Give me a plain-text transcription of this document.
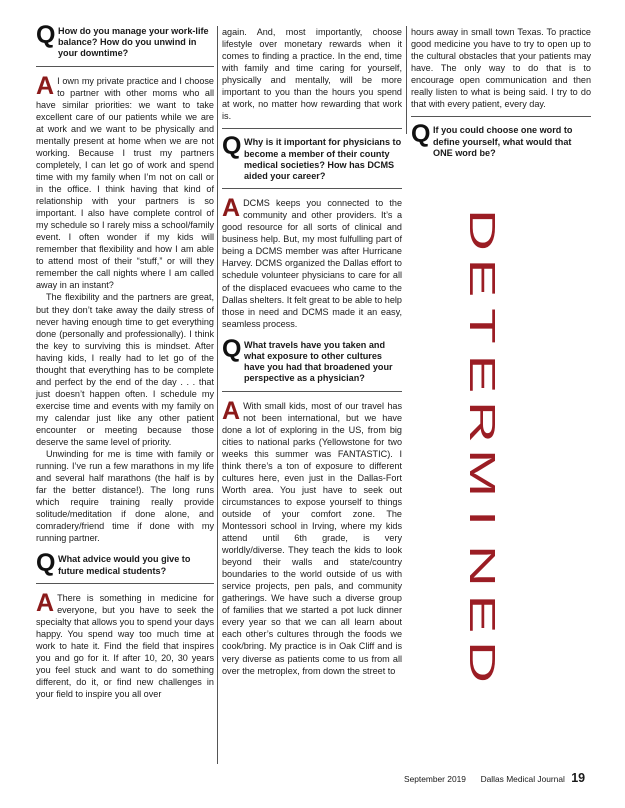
Q How do you manage your work-life balance? How do you unwind in your downtime?
A I own my private practice and I choose to partner with other moms who all have similar priorities: we want to take excellent care of our patients while we are at work and we want to be physically and mentally present at home when we are not working. Because I trust my partners completely, I can let go of work and spend time with my family when I’m not on call or in the office. I think having that kind of relationship with your partners is so important. I also have complete control of my schedule so I rarely miss a school/family event. I often wonder if my kids will remember that flexibility and how I am able to attend most of their “stuff,” or will they remember the call nights where I am called away in an instant?

The flexibility and the partners are great, but they don’t take away the daily stress of never having enough time to get everything done (personally and professionally). I think the key to surviving this is mindset. After having kids, I really had to let go of the thought that everything has to be complete and perfect by the end of the day . . . that just doesn’t happen often. I schedule my exercise time and events with my family on my calendar just like any other patient encounter or meeting because those deserve the same level of priority.

Unwinding for me is time with family or running. I’ve run a few marathons in my life and several half marathons (the half is by far the better distance!). The long runs which require training really provide solitude/meditation if done alone, and comradery/friend time if done with my running partner.

Q What advice would you give to future medical students?
A There is something in medicine for everyone, but you have to seek the specialty that allows you to spend your days happy. You spend way too much time at work to hate it. Find the field that inspires you and go for it. If after 10, 20, 30 years you feel stuck and want to do something different, do it, or find new challenges in your field to inspire you all over

again. And, most importantly, choose lifestyle over monetary rewards when it comes to finding a practice. In the end, time with family and time caring for yourself, physically and mentally, will be more important to you than the hours you spend at work, no matter how rewarding that work is.

Q Why is it important for physicians to become a member of their county medical societies? How has DCMS aided your career?
A DCMS keeps you connected to the community and other providers. It’s a good resource for all sorts of clinical and business help. But, my most fulfulling part of being a DCMS member was after Hurricane Harvey. DCMS organized the Dallas effort to schedule volunteer physicians to care for all of the displaced evacuees who came to the Dallas shelters. It felt great to be able to help those in need and DCMS made it an easy, seamless process.

Q What travels have you taken and what exposure to other cultures have you had that broadened your perspective as a physician?
A With small kids, most of our travel has not been international, but we have done a lot of exploring in the US, from big cities to national parks (Yellowstone for two weeks this summer was FANTASTIC). I think there’s a ton of exposure to different cultures here, even just in the Dallas-Fort Worth area. You just have to seek out circumstances to expose yourself to things outside of your comfort zone. The Montessori school in Irving, where my kids attend until 6th grade, is very worldly/diverse. They teach the kids to look beyond their walls and state/country boundaries to the world outside of us with service projects, pen pals, and community gatherings. We have such a diverse group of families that we started a pot luck dinner every year so that we can all learn about each other’s cultures through the foods we cook/bring. My practice is in Oak Cliff and is very diverse as patients come to us from all over the metroplex, from down the street to

hours away in small town Texas. To practice good medicine you have to try to open up to the cultural obstacles that your patients may have. The only way to do that is to encourage open communication and then really listen to what is being said. I try to do that with every patient, every day.

Q If you could choose one word to define yourself, what would that ONE word be?
D
E
T
E
R
M
I
N
E
D
September 2019 Dallas Medical Journal 19
